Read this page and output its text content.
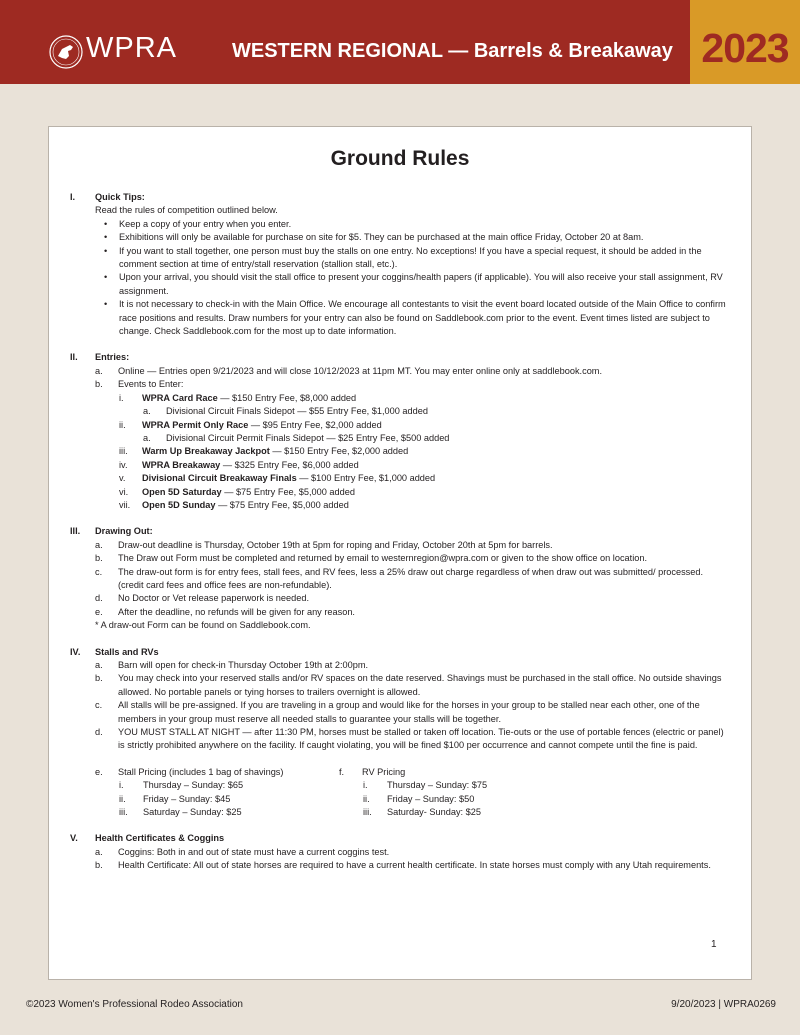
WPRA	WESTERN REGIONAL — Barrels & Breakaway 2023
Ground Rules
I. Quick Tips:
Read the rules of competition outlined below.
• Keep a copy of your entry when you enter.
• Exhibitions will only be available for purchase on site for $5. They can be purchased at the main office Friday, October 20 at 8am.
• If you want to stall together, one person must buy the stalls on one entry. No exceptions! If you have a special request, it should be added in the comment section at time of entry/stall reservation (stallion stall, etc.).
• Upon your arrival, you should visit the stall office to present your coggins/health papers (if applicable). You will also receive your stall assignment, RV assignment.
• It is not necessary to check-in with the Main Office. We encourage all contestants to visit the event board located outside of the Main Office to confirm race positions and results. Draw numbers for your entry can also be found on Saddlebook.com prior to the event. Event times listed are subject to change. Check Saddlebook.com for the most up to date information.
II. Entries:
a. Online — Entries open 9/21/2023 and will close 10/12/2023 at 11pm MT. You may enter online only at saddlebook.com.
b. Events to Enter:
i. WPRA Card Race — $150 Entry Fee, $8,000 added
a. Divisional Circuit Finals Sidepot — $55 Entry Fee, $1,000 added
ii. WPRA Permit Only Race — $95 Entry Fee, $2,000 added
a. Divisional Circuit Permit Finals Sidepot — $25 Entry Fee, $500 added
iii. Warm Up Breakaway Jackpot — $150 Entry Fee, $2,000 added
iv. WPRA Breakaway — $325 Entry Fee, $6,000 added
v. Divisional Circuit Breakaway Finals — $100 Entry Fee, $1,000 added
vi. Open 5D Saturday — $75 Entry Fee, $5,000 added
vii. Open 5D Sunday — $75 Entry Fee, $5,000 added
III. Drawing Out:
a. Draw-out deadline is Thursday, October 19th at 5pm for roping and Friday, October 20th at 5pm for barrels.
b. The Draw out Form must be completed and returned by email to westernregion@wpra.com or given to the show office on location.
c. The draw-out form is for entry fees, stall fees, and RV fees, less a 25% draw out charge regardless of when draw out was submitted/ processed. (credit card fees and office fees are non-refundable).
d. No Doctor or Vet release paperwork is needed.
e. After the deadline, no refunds will be given for any reason.
* A draw-out Form can be found on Saddlebook.com.
IV. Stalls and RVs
a. Barn will open for check-in Thursday October 19th at 2:00pm.
b. You may check into your reserved stalls and/or RV spaces on the date reserved. Shavings must be purchased in the stall office. No outside shavings allowed. No portable panels or tying horses to trailers overnight is allowed.
c. All stalls will be pre-assigned. If you are traveling in a group and would like for the horses in your group to be stalled near each other, one of the members in your group must reserve all needed stalls to guarantee your stalls will be together.
d. YOU MUST STALL AT NIGHT — after 11:30 PM, horses must be stalled or taken off location. Tie-outs or the use of portable fences (electric or panel) is strictly prohibited anywhere on the facility. If caught violating, you will be fined $100 per occurrence and cannot compete until the fine is paid.
e. Stall Pricing (includes 1 bag of shavings)
i. Thursday – Sunday: $65
ii. Friday – Sunday: $45
iii. Saturday – Sunday: $25
f. RV Pricing
i. Thursday – Sunday: $75
ii. Friday – Sunday: $50
iii. Saturday- Sunday: $25
V. Health Certificates & Coggins
a. Coggins: Both in and out of state must have a current coggins test.
b. Health Certificate: All out of state horses are required to have a current health certificate. In state horses must comply with any Utah requirements.
1
©2023 Women's Professional Rodeo Association	9/20/2023 | WPRA0269
